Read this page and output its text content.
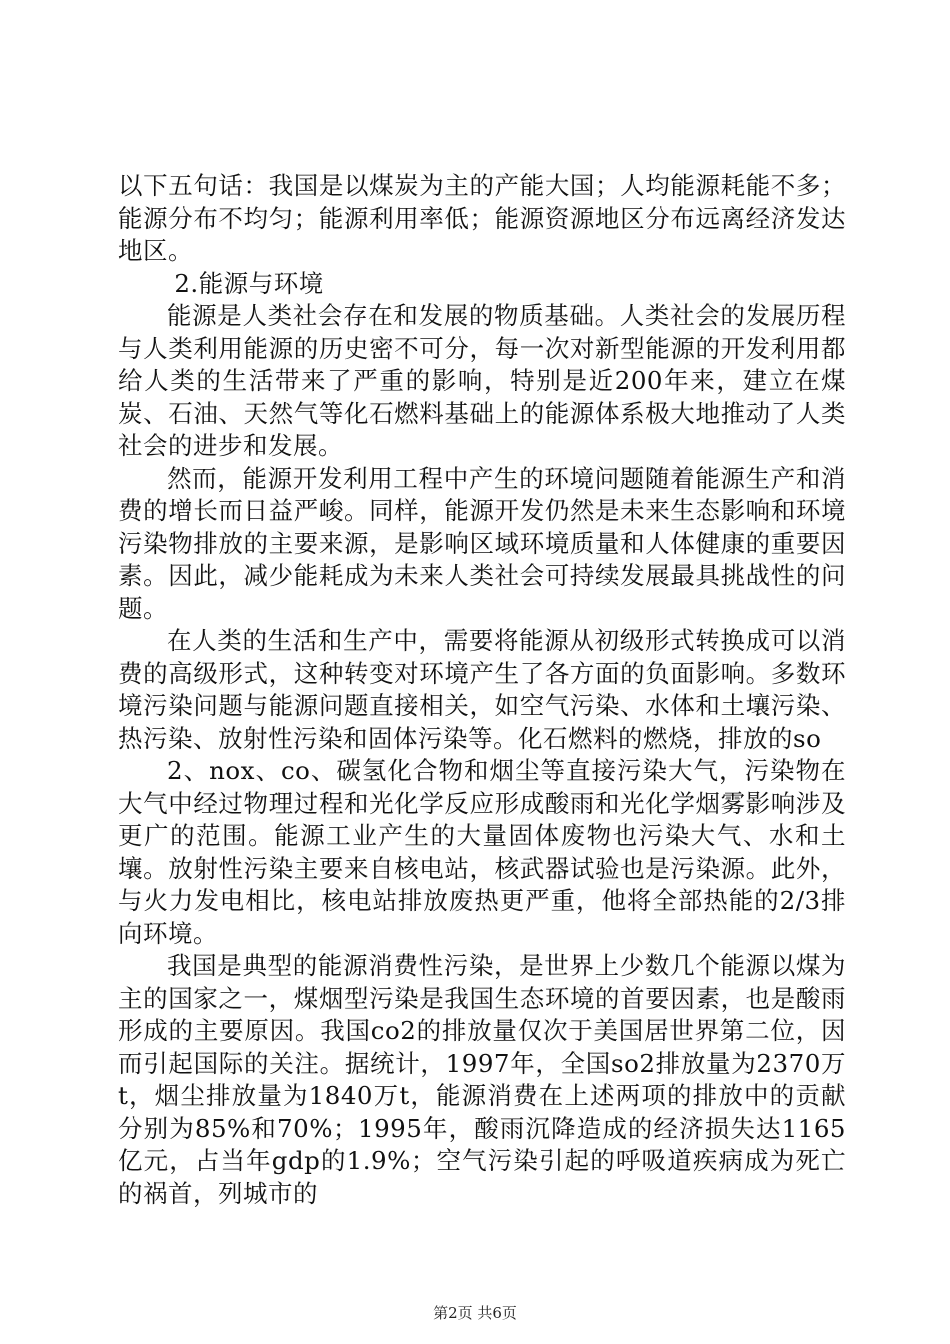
以下五句话：我国是以煤炭为主的产能大国；人均能源耗能不多；能源分布不均匀；能源利用率低；能源资源地区分布远离经济发达地区。

2.能源与环境

能源是人类社会存在和发展的物质基础。人类社会的发展历程与人类利用能源的历史密不可分，每一次对新型能源的开发利用都给人类的生活带来了严重的影响，特别是近200年来，建立在煤炭、石油、天然气等化石燃料基础上的能源体系极大地推动了人类社会的进步和发展。

然而，能源开发利用工程中产生的环境问题随着能源生产和消费的增长而日益严峻。同样，能源开发仍然是未来生态影响和环境污染物排放的主要来源，是影响区域环境质量和人体健康的重要因素。因此，减少能耗成为未来人类社会可持续发展最具挑战性的问题。

在人类的生活和生产中，需要将能源从初级形式转换成可以消费的高级形式，这种转变对环境产生了各方面的负面影响。多数环境污染问题与能源问题直接相关，如空气污染、水体和土壤污染、热污染、放射性污染和固体污染等。化石燃料的燃烧，排放的so

2、nox、co、碳氢化合物和烟尘等直接污染大气，污染物在大气中经过物理过程和光化学反应形成酸雨和光化学烟雾影响涉及更广的范围。能源工业产生的大量固体废物也污染大气、水和土壤。放射性污染主要来自核电站，核武器试验也是污染源。此外，与火力发电相比，核电站排放废热更严重，他将全部热能的2/3排向环境。

我国是典型的能源消费性污染，是世界上少数几个能源以煤为主的国家之一，煤烟型污染是我国生态环境的首要因素，也是酸雨形成的主要原因。我国co2的排放量仅次于美国居世界第二位，因而引起国际的关注。据统计，1997年，全国so2排放量为2370万t，烟尘排放量为1840万t，能源消费在上述两项的排放中的贡献分别为85%和70%；1995年，酸雨沉降造成的经济损失达1165亿元，占当年gdp的1.9%；空气污染引起的呼吸道疾病成为死亡的祸首，列城市的

第2页 共6页
